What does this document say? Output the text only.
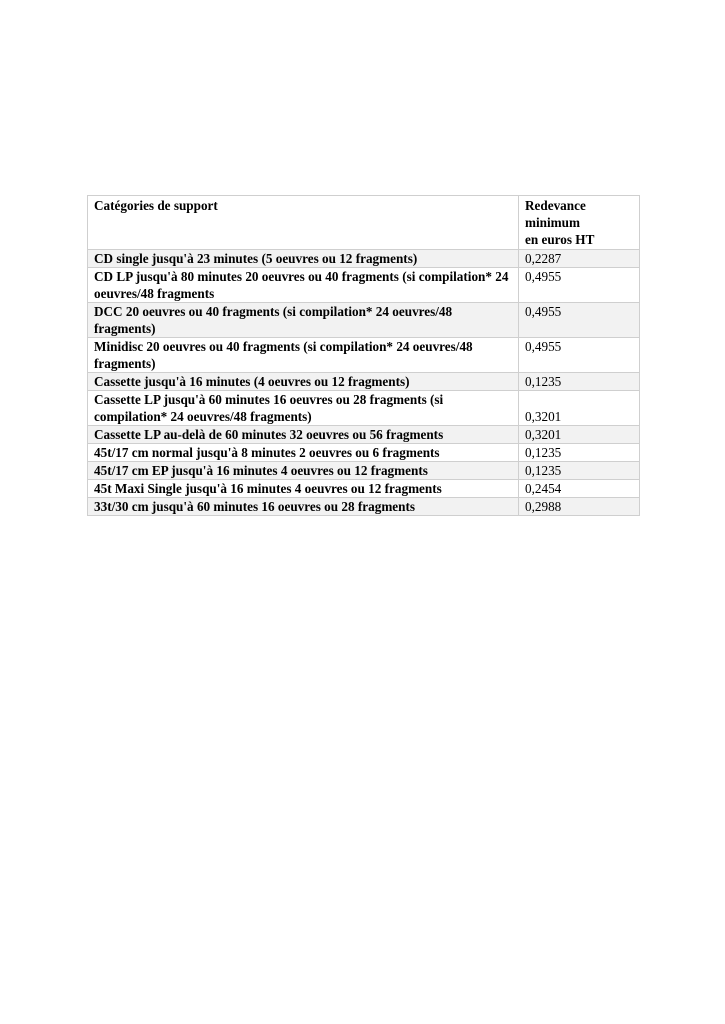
Catégories de support	Redevance
minimum
en euros HT

CD single jusqu'à 23 minutes (5 oeuvres ou 12 fragments)	0,2287
CD LP jusqu'à 80 minutes 20 oeuvres ou 40 fragments (si compilation* 24 oeuvres/48 fragments	0,4955
DCC 20 oeuvres ou 40 fragments (si compilation* 24 oeuvres/48 fragments)	0,4955
Minidisc 20 oeuvres ou 40 fragments (si compilation* 24 oeuvres/48 fragments)	0,4955
Cassette jusqu'à 16 minutes (4 oeuvres ou 12 fragments)	0,1235
Cassette LP jusqu'à 60 minutes 16 oeuvres ou 28 fragments (si compilation* 24 oeuvres/48 fragments)	0,3201
Cassette LP au-delà de 60 minutes 32 oeuvres ou 56 fragments	0,3201
45t/17 cm normal jusqu'à 8 minutes 2 oeuvres ou 6 fragments	0,1235
45t/17 cm EP jusqu'à 16 minutes 4 oeuvres ou 12 fragments	0,1235
45t Maxi Single jusqu'à 16 minutes 4 oeuvres ou 12 fragments	0,2454
33t/30 cm jusqu'à 60 minutes 16 oeuvres ou 28 fragments	0,2988
